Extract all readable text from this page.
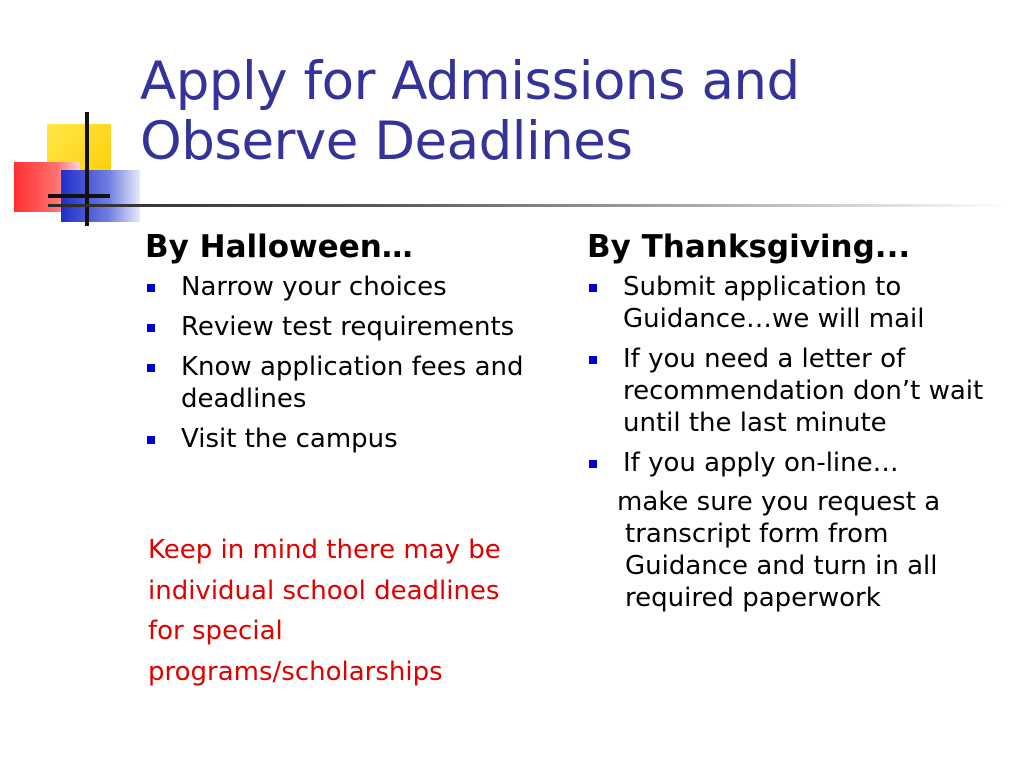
Apply for Admissions and
Observe Deadlines
By Halloween…
Narrow your choices
Review test requirements
Know application fees and deadlines
Visit the campus
Keep in mind there may be individual school deadlines for special programs/scholarships
By Thanksgiving...
Submit application to Guidance…we will mail
If you need a letter of recommendation don’t wait until the last minute
If you apply on-line…
make sure you request a
transcript form from Guidance and turn in all required paperwork
